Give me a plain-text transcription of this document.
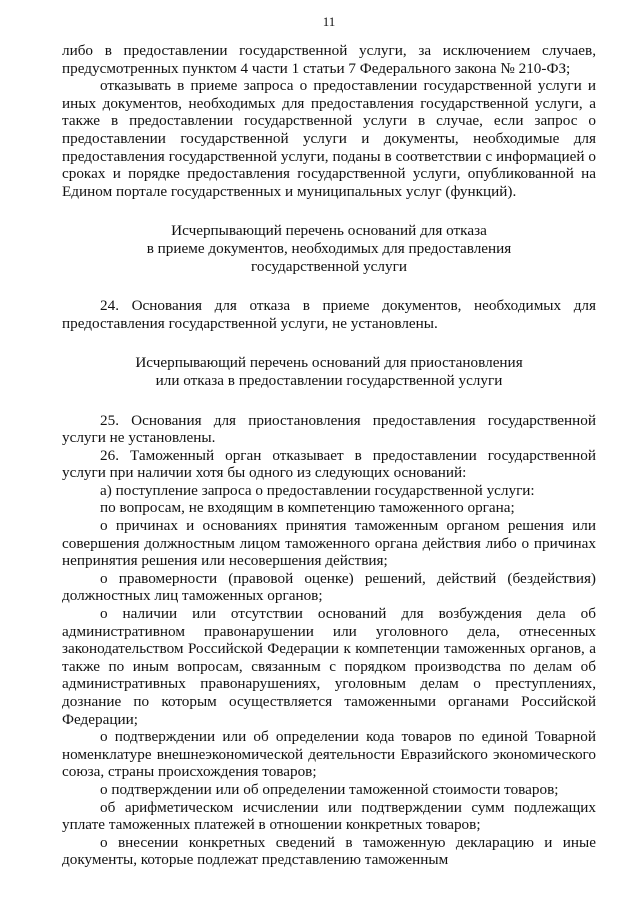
11

либо в предоставлении государственной услуги, за исключением случаев, предусмотренных пунктом 4 части 1 статьи 7 Федерального закона № 210-ФЗ;

отказывать в приеме запроса о предоставлении государственной услуги и иных документов, необходимых для предоставления государственной услуги, а также в предоставлении государственной услуги в случае, если запрос о предоставлении государственной услуги и документы, необходимые для предоставления государственной услуги, поданы в соответствии с информацией о сроках и порядке предоставления государственной услуги, опубликованной на Едином портале государственных и муниципальных услуг (функций).

Исчерпывающий перечень оснований для отказа

в приеме документов, необходимых для предоставления

государственной услуги

24. Основания для отказа в приеме документов, необходимых для предоставления государственной услуги, не установлены.

Исчерпывающий перечень оснований для приостановления

или отказа в предоставлении государственной услуги

25. Основания для приостановления предоставления государственной услуги не установлены.

26. Таможенный орган отказывает в предоставлении государственной услуги при наличии хотя бы одного из следующих оснований:

а) поступление запроса о предоставлении государственной услуги:

по вопросам, не входящим в компетенцию таможенного органа;

о причинах и основаниях принятия таможенным органом решения или совершения должностным лицом таможенного органа действия либо о причинах непринятия решения или несовершения действия;

о правомерности (правовой оценке) решений, действий (бездействия) должностных лиц таможенных органов;

о наличии или отсутствии оснований для возбуждения дела об административном правонарушении или уголовного дела, отнесенных законодательством Российской Федерации к компетенции таможенных органов, а также по иным вопросам, связанным с порядком производства по делам об административных правонарушениях, уголовным делам о преступлениях, дознание по которым осуществляется таможенными органами Российской Федерации;

о подтверждении или об определении кода товаров по единой Товарной номенклатуре внешнеэкономической деятельности Евразийского экономического союза, страны происхождения товаров;

о подтверждении или об определении таможенной стоимости товаров;

об арифметическом исчислении или подтверждении сумм подлежащих уплате таможенных платежей в отношении конкретных товаров;

о внесении конкретных сведений в таможенную декларацию и иные документы, которые подлежат представлению таможенным
